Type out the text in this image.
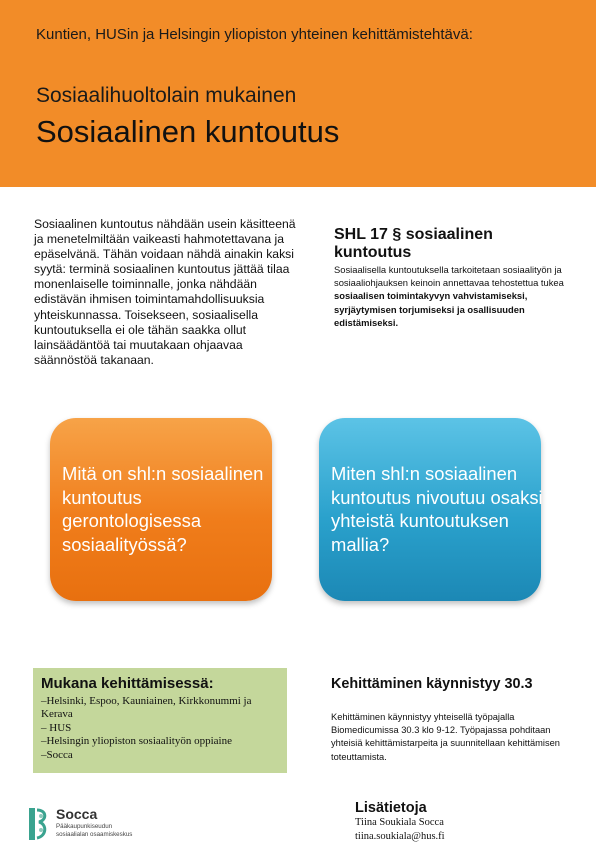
Kuntien, HUSin ja Helsingin yliopiston yhteinen kehittämistehtävä:
Sosiaalihuoltolain mukainen
Sosiaalinen kuntoutus
Sosiaalinen kuntoutus nähdään usein käsitteenä ja menetelmiltään vaikeasti hahmotettavana ja epäselvänä. Tähän voidaan nähdä ainakin kaksi syytä: terminä sosiaalinen kuntoutus jättää tilaa monenlaiselle toiminnalle, jonka nähdään edistävän ihmisen toimintamahdollisuuksia yhteiskunnassa. Toisekseen, sosiaalisella kuntoutuksella ei ole tähän saakka ollut lainsäädäntöä tai muutakaan ohjaavaa säännöstöä takanaan.
SHL 17 § sosiaalinen kuntoutus
Sosiaalisella kuntoutuksella tarkoitetaan sosiaalityön ja sosiaaliohjauksen keinoin annettavaa tehostettua tukea sosiaalisen toimintakyvyn vahvistamiseksi, syrjäytymisen torjumiseksi ja osallisuuden edistämiseksi.
Mitä on shl:n sosiaalinen kuntoutus gerontologisessa sosiaalityössä?
Miten shl:n sosiaalinen kuntoutus nivoutuu osaksi yhteistä kuntoutuksen mallia?
Mukana kehittämisessä:
–Helsinki, Espoo, Kauniainen, Kirkkonummi ja Kerava
– HUS
–Helsingin yliopiston sosiaalityön oppiaine
–Socca
Kehittäminen käynnistyy 30.3
Kehittäminen käynnistyy yhteisellä työpajalla Biomedicumissa 30.3 klo 9-12. Työpajassa pohditaan yhteisiä kehittämistarpeita ja suunnitellaan kehittämisen toteuttamista.
Socca
Pääkaupunkiseudun
sosiaalialan osaamiskeskus
Lisätietoja
Tiina Soukiala Socca
tiina.soukiala@hus.fi
